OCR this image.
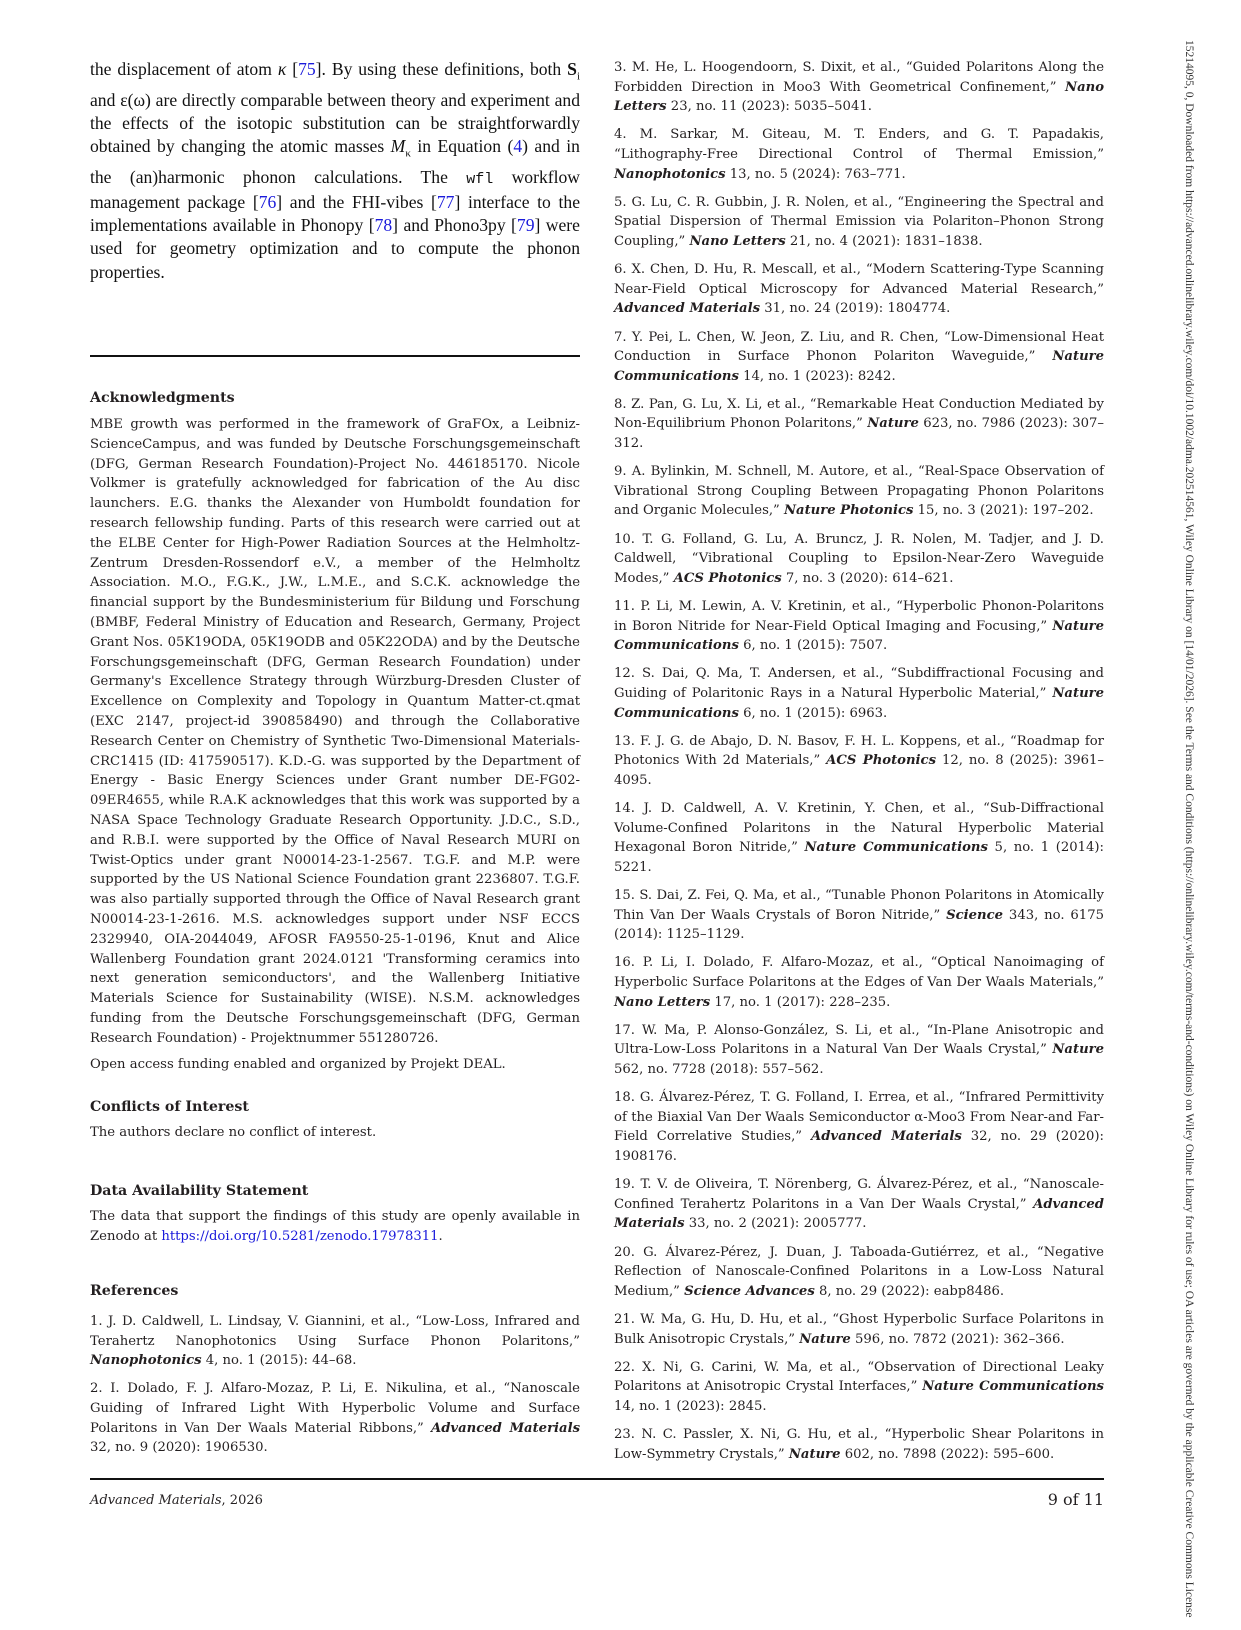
the displacement of atom κ [75]. By using these definitions, both $S_i$ and ε(ω) are directly comparable between theory and experiment and the effects of the isotopic substitution can be straightforwardly obtained by changing the atomic masses $M_\kappa$ in Equation (4) and in the (an)harmonic phonon calculations. The wfl workflow management package [76] and the FHI-vibes [77] interface to the implementations available in Phonopy [78] and Phono3py [79] were used for geometry optimization and to compute the phonon properties.

Acknowledgments

MBE growth was performed in the framework of GraFOx, a Leibniz-ScienceCampus, and was funded by Deutsche Forschungsgemeinschaft (DFG, German Research Foundation)-Project No. 446185170. Nicole Volkmer is gratefully acknowledged for fabrication of the Au disc launchers. E.G. thanks the Alexander von Humboldt foundation for research fellowship funding. Parts of this research were carried out at the ELBE Center for High-Power Radiation Sources at the Helmholtz-Zentrum Dresden-Rossendorf e.V., a member of the Helmholtz Association. M.O., F.G.K., J.W., L.M.E., and S.C.K. acknowledge the financial support by the Bundesministerium für Bildung und Forschung (BMBF, Federal Ministry of Education and Research, Germany, Project Grant Nos. 05K19ODA, 05K19ODB and 05K22ODA) and by the Deutsche Forschungsgemeinschaft (DFG, German Research Foundation) under Germany's Excellence Strategy through Würzburg-Dresden Cluster of Excellence on Complexity and Topology in Quantum Matter-ct.qmat (EXC 2147, project-id 390858490) and through the Collaborative Research Center on Chemistry of Synthetic Two-Dimensional Materials-CRC1415 (ID: 417590517). K.D.-G. was supported by the Department of Energy - Basic Energy Sciences under Grant number DE-FG02-09ER4655, while R.A.K acknowledges that this work was supported by a NASA Space Technology Graduate Research Opportunity. J.D.C., S.D., and R.B.I. were supported by the Office of Naval Research MURI on Twist-Optics under grant N00014-23-1-2567. T.G.F. and M.P. were supported by the US National Science Foundation grant 2236807. T.G.F. was also partially supported through the Office of Naval Research grant N00014-23-1-2616. M.S. acknowledges support under NSF ECCS 2329940, OIA-2044049, AFOSR FA9550-25-1-0196, Knut and Alice Wallenberg Foundation grant 2024.0121 'Transforming ceramics into next generation semiconductors', and the Wallenberg Initiative Materials Science for Sustainability (WISE). N.S.M. acknowledges funding from the Deutsche Forschungsgemeinschaft (DFG, German Research Foundation) - Projektnummer 551280726.

Open access funding enabled and organized by Projekt DEAL.

Conflicts of Interest

The authors declare no conflict of interest.

Data Availability Statement

The data that support the findings of this study are openly available in Zenodo at https://doi.org/10.5281/zenodo.17978311.

References

1. J. D. Caldwell, L. Lindsay, V. Giannini, et al., “Low-Loss, Infrared and Terahertz Nanophotonics Using Surface Phonon Polaritons,” Nanophotonics 4, no. 1 (2015): 44–68.

2. I. Dolado, F. J. Alfaro-Mozaz, P. Li, E. Nikulina, et al., “Nanoscale Guiding of Infrared Light With Hyperbolic Volume and Surface Polaritons in Van Der Waals Material Ribbons,” Advanced Materials 32, no. 9 (2020): 1906530.

3. M. He, L. Hoogendoorn, S. Dixit, et al., “Guided Polaritons Along the Forbidden Direction in Moo3 With Geometrical Confinement,” Nano Letters 23, no. 11 (2023): 5035–5041.

4. M. Sarkar, M. Giteau, M. T. Enders, and G. T. Papadakis, “Lithography-Free Directional Control of Thermal Emission,” Nanophotonics 13, no. 5 (2024): 763–771.

5. G. Lu, C. R. Gubbin, J. R. Nolen, et al., “Engineering the Spectral and Spatial Dispersion of Thermal Emission via Polariton–Phonon Strong Coupling,” Nano Letters 21, no. 4 (2021): 1831–1838.

6. X. Chen, D. Hu, R. Mescall, et al., “Modern Scattering-Type Scanning Near-Field Optical Microscopy for Advanced Material Research,” Advanced Materials 31, no. 24 (2019): 1804774.

7. Y. Pei, L. Chen, W. Jeon, Z. Liu, and R. Chen, “Low-Dimensional Heat Conduction in Surface Phonon Polariton Waveguide,” Nature Communications 14, no. 1 (2023): 8242.

8. Z. Pan, G. Lu, X. Li, et al., “Remarkable Heat Conduction Mediated by Non-Equilibrium Phonon Polaritons,” Nature 623, no. 7986 (2023): 307–312.

9. A. Bylinkin, M. Schnell, M. Autore, et al., “Real-Space Observation of Vibrational Strong Coupling Between Propagating Phonon Polaritons and Organic Molecules,” Nature Photonics 15, no. 3 (2021): 197–202.

10. T. G. Folland, G. Lu, A. Bruncz, J. R. Nolen, M. Tadjer, and J. D. Caldwell, “Vibrational Coupling to Epsilon-Near-Zero Waveguide Modes,” ACS Photonics 7, no. 3 (2020): 614–621.

11. P. Li, M. Lewin, A. V. Kretinin, et al., “Hyperbolic Phonon-Polaritons in Boron Nitride for Near-Field Optical Imaging and Focusing,” Nature Communications 6, no. 1 (2015): 7507.

12. S. Dai, Q. Ma, T. Andersen, et al., “Subdiffractional Focusing and Guiding of Polaritonic Rays in a Natural Hyperbolic Material,” Nature Communications 6, no. 1 (2015): 6963.

13. F. J. G. de Abajo, D. N. Basov, F. H. L. Koppens, et al., “Roadmap for Photonics With 2d Materials,” ACS Photonics 12, no. 8 (2025): 3961–4095.

14. J. D. Caldwell, A. V. Kretinin, Y. Chen, et al., “Sub-Diffractional Volume-Confined Polaritons in the Natural Hyperbolic Material Hexagonal Boron Nitride,” Nature Communications 5, no. 1 (2014): 5221.

15. S. Dai, Z. Fei, Q. Ma, et al., “Tunable Phonon Polaritons in Atomically Thin Van Der Waals Crystals of Boron Nitride,” Science 343, no. 6175 (2014): 1125–1129.

16. P. Li, I. Dolado, F. Alfaro-Mozaz, et al., “Optical Nanoimaging of Hyperbolic Surface Polaritons at the Edges of Van Der Waals Materials,” Nano Letters 17, no. 1 (2017): 228–235.

17. W. Ma, P. Alonso-González, S. Li, et al., “In-Plane Anisotropic and Ultra-Low-Loss Polaritons in a Natural Van Der Waals Crystal,” Nature 562, no. 7728 (2018): 557–562.

18. G. Álvarez-Pérez, T. G. Folland, I. Errea, et al., “Infrared Permittivity of the Biaxial Van Der Waals Semiconductor α-Moo3 From Near-and Far-Field Correlative Studies,” Advanced Materials 32, no. 29 (2020): 1908176.

19. T. V. de Oliveira, T. Nörenberg, G. Álvarez-Pérez, et al., “Nanoscale-Confined Terahertz Polaritons in a Van Der Waals Crystal,” Advanced Materials 33, no. 2 (2021): 2005777.

20. G. Álvarez-Pérez, J. Duan, J. Taboada-Gutiérrez, et al., “Negative Reflection of Nanoscale-Confined Polaritons in a Low-Loss Natural Medium,” Science Advances 8, no. 29 (2022): eabp8486.

21. W. Ma, G. Hu, D. Hu, et al., “Ghost Hyperbolic Surface Polaritons in Bulk Anisotropic Crystals,” Nature 596, no. 7872 (2021): 362–366.

22. X. Ni, G. Carini, W. Ma, et al., “Observation of Directional Leaky Polaritons at Anisotropic Crystal Interfaces,” Nature Communications 14, no. 1 (2023): 2845.

23. N. C. Passler, X. Ni, G. Hu, et al., “Hyperbolic Shear Polaritons in Low-Symmetry Crystals,” Nature 602, no. 7898 (2022): 595–600.

Advanced Materials, 2026	9 of 11	15214095, 0, Downloaded from https://advanced.onlinelibrary.wiley.com/doi/10.1002/adma.202514561, Wiley Online Library on [14/01/2026]. See the Terms and Conditions (https://onlinelibrary.wiley.com/terms-and-conditions) on Wiley Online Library for rules of use; OA articles are governed by the applicable Creative Commons License
